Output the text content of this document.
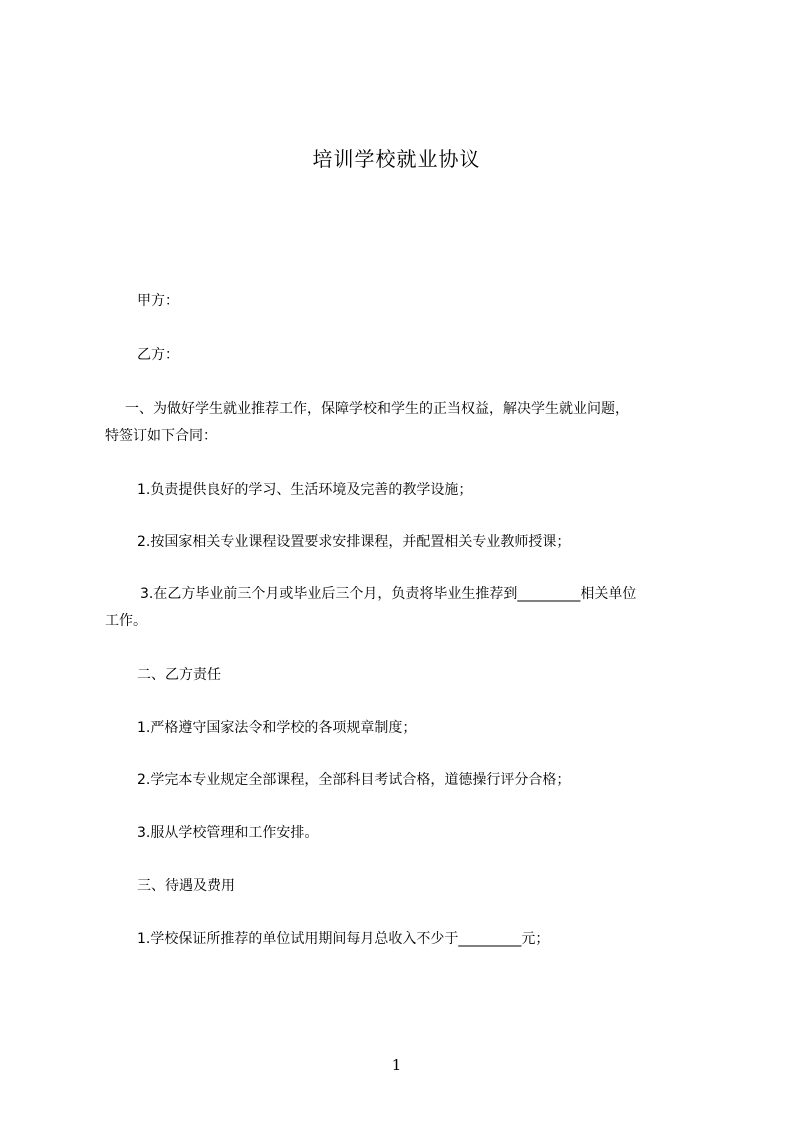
培训学校就业协议
甲方：
乙方：
一、为做好学生就业推荐工作，保障学校和学生的正当权益，解决学生就业问题，
特签订如下合同：
1.负责提供良好的学习、生活环境及完善的教学设施；
2.按国家相关专业课程设置要求安排课程，并配置相关专业教师授课；
3.在乙方毕业前三个月或毕业后三个月，负责将毕业生推荐到_________相关单位
工作。
二、乙方责任
1.严格遵守国家法令和学校的各项规章制度；
2.学完本专业规定全部课程，全部科目考试合格，道德操行评分合格；
3.服从学校管理和工作安排。
三、待遇及费用
1.学校保证所推荐的单位试用期间每月总收入不少于_________元；
1
